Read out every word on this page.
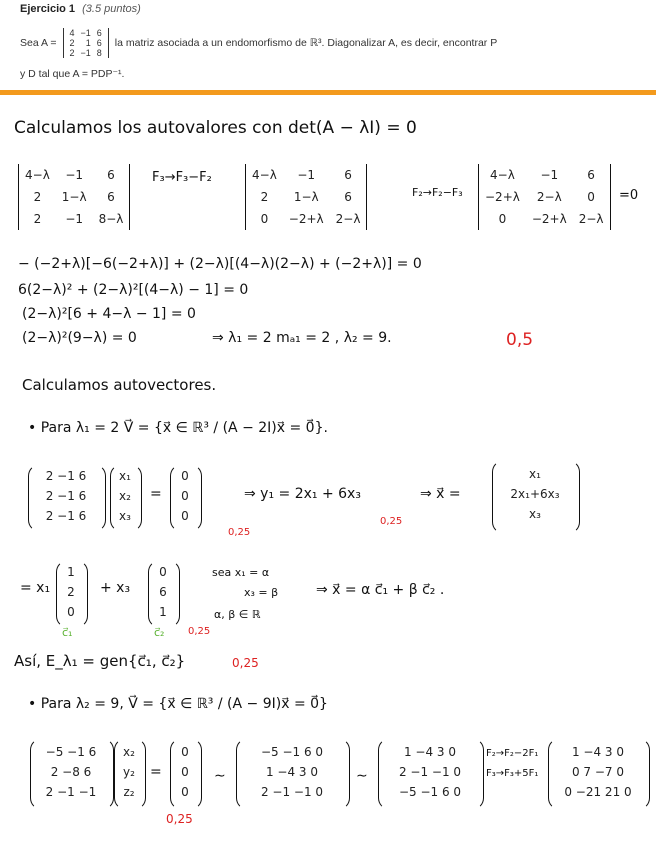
Ejercicio 1 (3.5 puntos)
Sea A =
4	−1	6
2	1	6
2	−1	8
la matriz asociada a un endomorfismo de ℝ³. Diagonalizar A, es decir, encontrar P
y D tal que A = PDP⁻¹.
Calculamos los autovalores con det(A − λI) = 0
4−λ	−1	6
2	1−λ	6
2	−1	8−λ
F₃→F₃−F₂	4−λ	−1	6
2	1−λ	6
0	−2+λ	2−λ
F₂→F₂−F₃
4−λ	−1	6
−2+λ	2−λ	0
0	−2+λ	2−λ
=0
− (−2+λ)[−6(−2+λ)] + (2−λ)[(4−λ)(2−λ) + (−2+λ)] = 0
6(2−λ)² + (2−λ)²[(4−λ) − 1] = 0
(2−λ)²[6 + 4−λ − 1] = 0
(2−λ)²(9−λ) = 0	⇒ λ₁ = 2 mₐ₁ = 2 , λ₂ = 9.	0,5
Calculamos autovectores.
• Para λ₁ = 2 V⃗ = {x⃗ ∈ ℝ³ / (A − 2I)x⃗ = 0⃗}.
2 −1 6
2 −1 6
2 −1 6
x₁
x₂
x₃
=
0
0
0
0,25
⇒ y₁ = 2x₁ + 6x₃
0,25
⇒ x⃗ =
x₁
2x₁+6x₃
x₃
= x₁
1
2
0
c⃗₁
+ x₃
0
6
1
c⃗₂ 0,25
sea x₁ = α
x₃ = β
α, β ∈ ℝ
⇒ x⃗ = α c⃗₁ + β c⃗₂ .
Así, E_λ₁ = gen{c⃗₁, c⃗₂}	0,25
• Para λ₂ = 9, V⃗ = {x⃗ ∈ ℝ³ / (A − 9I)x⃗ = 0⃗}
−5 −1 6
2 −8 6
2 −1 −1
x₂
y₂
z₂
=
0
0
0
0,25
∼
−5 −1 6 0
1 −4 3 0
2 −1 −1 0
∼
1 −4 3 0
2 −1 −1 0
−5 −1 6 0
F₂→F₂−2F₁
F₃→F₃+5F₁
1 −4 3 0
0 7 −7 0
0 −21 21 0
